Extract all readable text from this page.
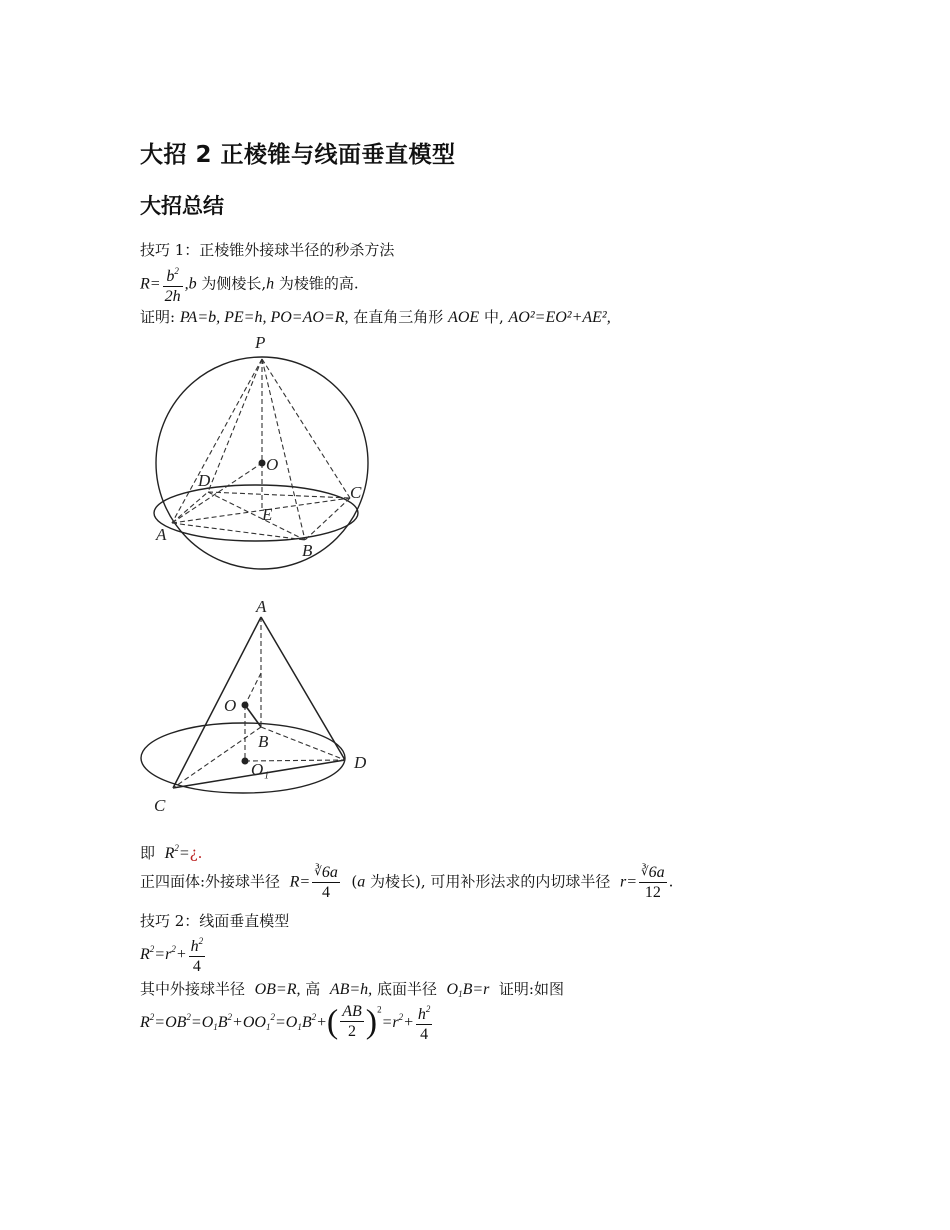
大招 2 正棱锥与线面垂直模型
大招总结
技巧 1：正棱锥外接球半径的秒杀方法
$R= \frac{b^2}{2h} ,b$ 为侧棱长,h 为棱锥的高.
证明: PA=b, PE=h, PO=AO=R, 在直角三角形 AOE 中, AO²=EO²+AE²,
P
O
D
C
E
A
B
A
O
B
O₁	D
C
即 $R^2=¿$.
正四面体:外接球半径 $R= \frac{∛6a}{4} (a$ 为棱长), 可用补形法求的内切球半径 $r= \frac{∛6a}{12}$ .
技巧 2：线面垂直模型
$R^2=r^2+ \frac{h^2}{4}$
其中外接球半径 OB=R, 高 AB=h, 底面半径 $O_1B=r$ 证明:如图
$R^2=OB^2=O_1B^2+OO_1^2=O_1B^2+( \frac{AB}{2} )^2=r^2+ \frac{h^2}{4}$
